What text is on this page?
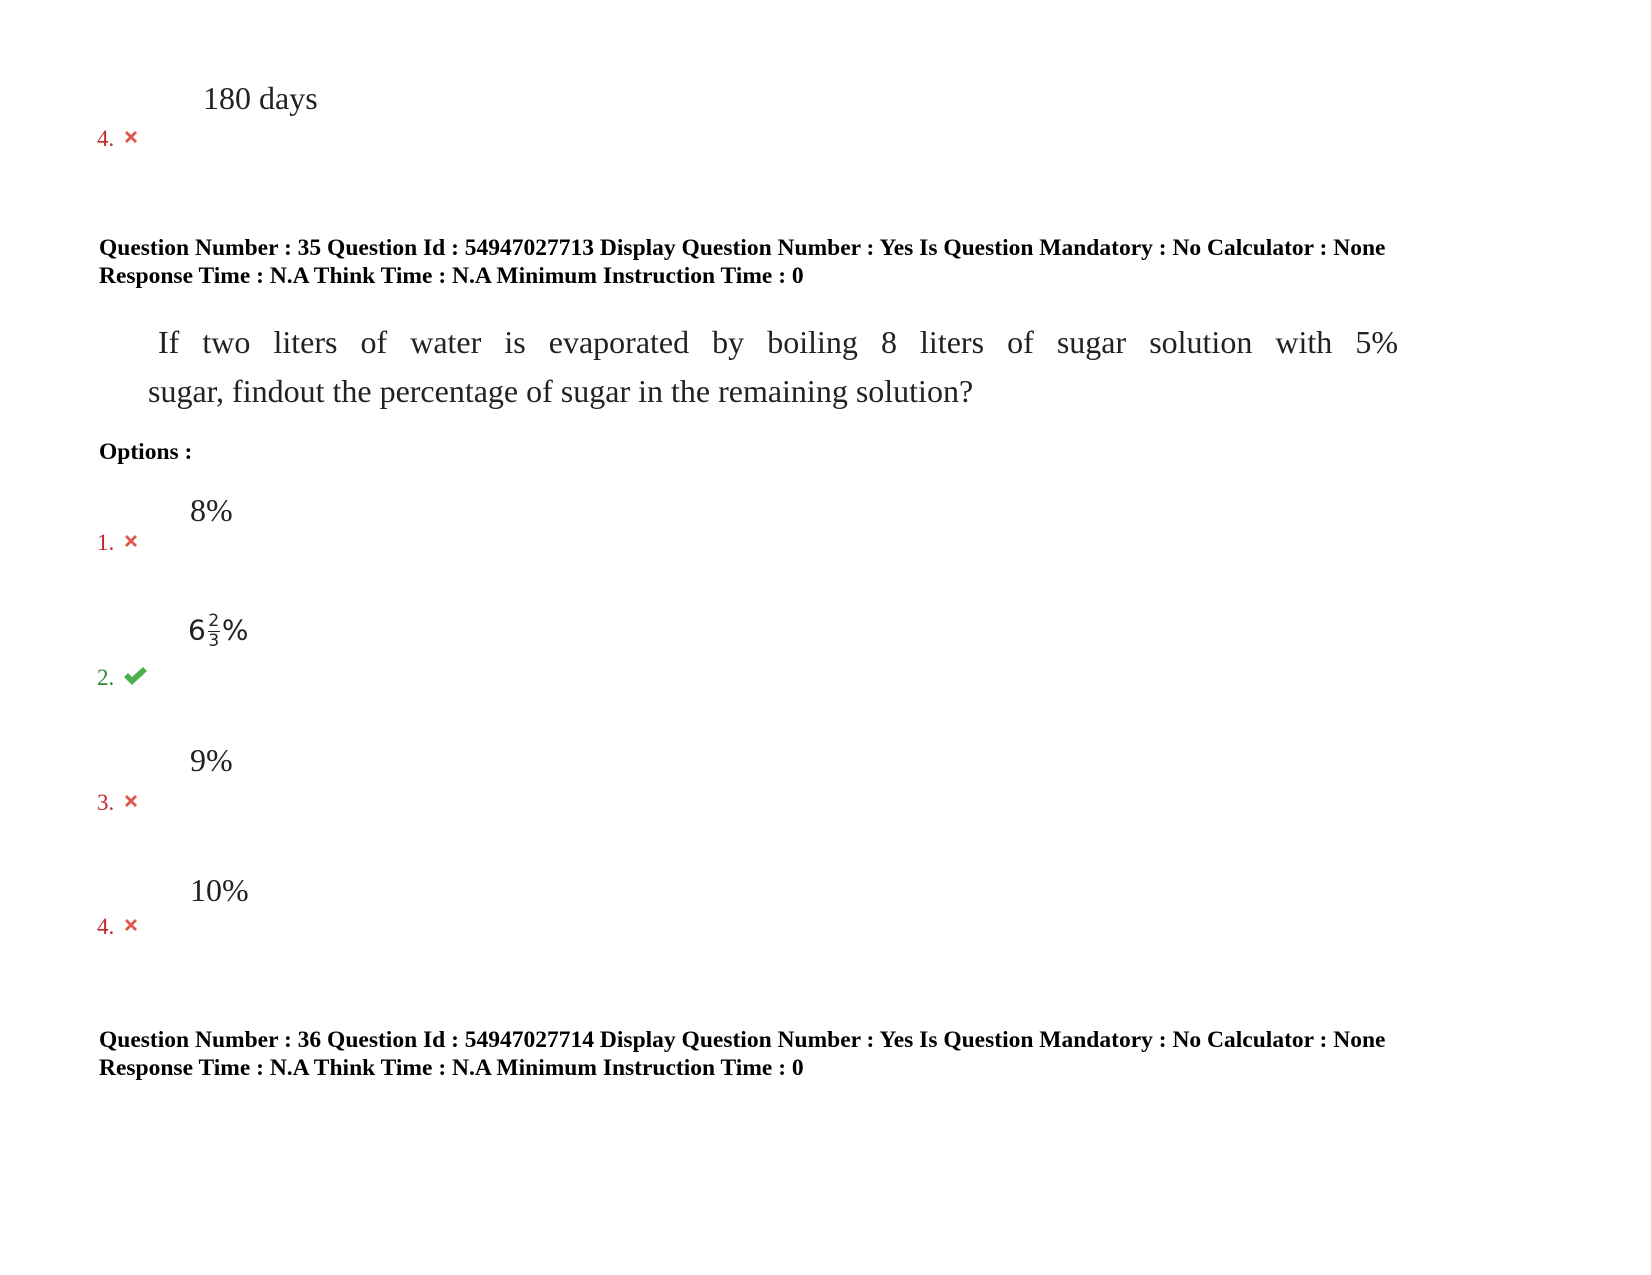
180 days
4.
Question Number : 35 Question Id : 54947027713 Display Question Number : Yes Is Question Mandatory : No Calculator : None
Response Time : N.A Think Time : N.A Minimum Instruction Time : 0
If two liters of water is evaporated by boiling 8 liters of sugar solution with 5%
sugar, findout the percentage of sugar in the remaining solution?
Options :
8%
1.
$6 \frac{2}{3}$ %
2.
9%
3.
10%
4.
Question Number : 36 Question Id : 54947027714 Display Question Number : Yes Is Question Mandatory : No Calculator : None
Response Time : N.A Think Time : N.A Minimum Instruction Time : 0
